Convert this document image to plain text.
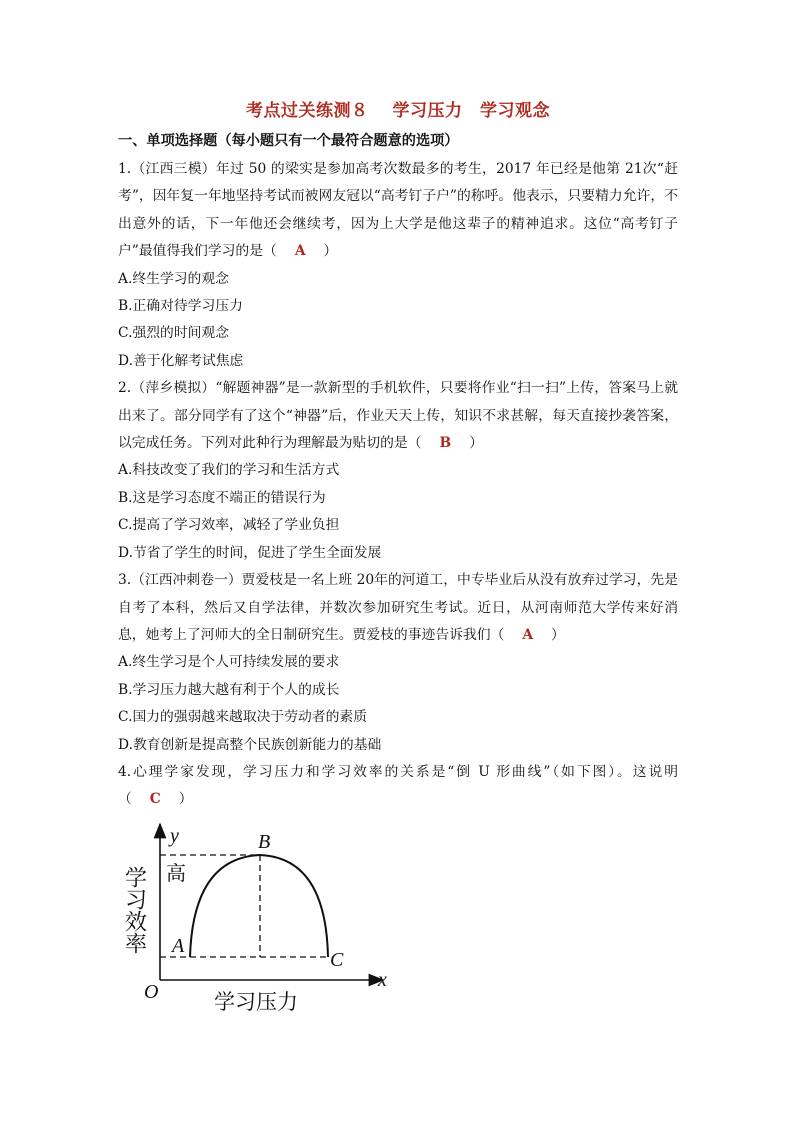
考点过关练测８　 学习压力　学习观念
一、单项选择题（每小题只有一个最符合题意的选项）

1.（江西三模）年过 50 的梁实是参加高考次数最多的考生，2017 年已经是他第 21次“赶考”，因年复一年地坚持考试而被网友冠以“高考钉子户”的称呼。他表示，只要精力允许，不出意外的话，下一年他还会继续考，因为上大学是他这辈子的精神追求。这位“高考钉子户”最值得我们学习的是（ A ）

A.终生学习的观念

B.正确对待学习压力

C.强烈的时间观念

D.善于化解考试焦虑

2.（萍乡模拟）“解题神器”是一款新型的手机软件，只要将作业“扫一扫”上传，答案马上就出来了。部分同学有了这个“神器”后，作业天天上传，知识不求甚解，每天直接抄袭答案，以完成任务。下列对此种行为理解最为贴切的是（ B ）

A.科技改变了我们的学习和生活方式

B.这是学习态度不端正的错误行为

C.提高了学习效率，减轻了学业负担

D.节省了学生的时间，促进了学生全面发展

3.（江西冲刺卷一）贾爱枝是一名上班 20年的河道工，中专毕业后从没有放弃过学习，先是自考了本科，然后又自学法律，并数次参加研究生考试。近日，从河南师范大学传来好消息，她考上了河师大的全日制研究生。贾爱枝的事迹告诉我们（ A ）

A.终生学习是个人可持续发展的要求

B.学习压力越大越有利于个人的成长

C.国力的强弱越来越取决于劳动者的素质

D.教育创新是提高整个民族创新能力的基础

4.心理学家发现，学习压力和学习效率的关系是“倒 U 形曲线”（如下图）。这说明（ C ）

y
x
O
A
B
C
学习效率 高
学习压力
